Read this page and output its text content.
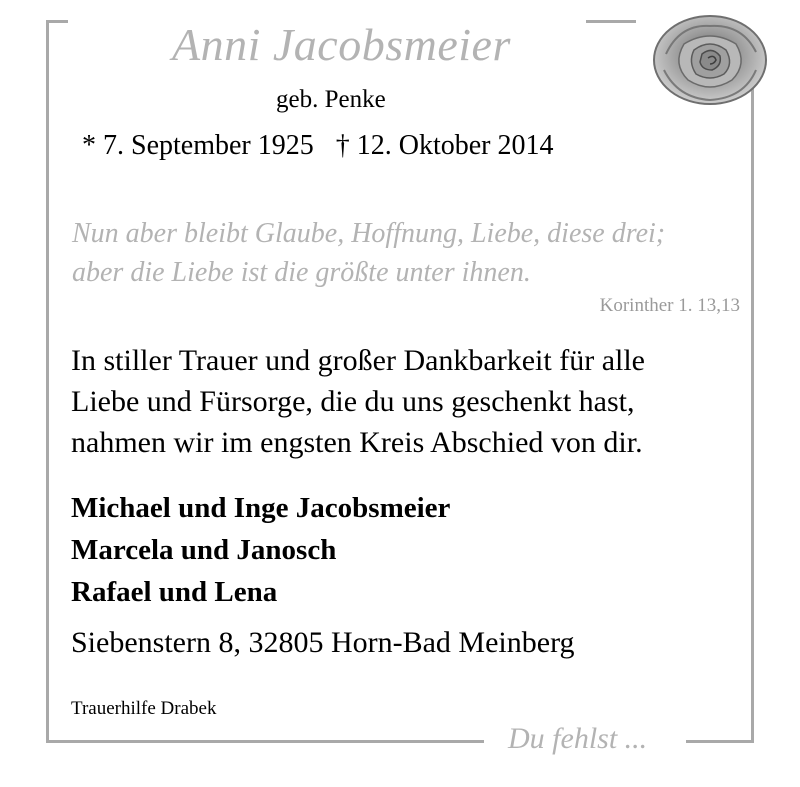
Anni Jacobsmeier
geb. Penke
* 7. September 1925 † 12. Oktober 2014
Nun aber bleibt Glaube, Hoffnung, Liebe, diese drei;
aber die Liebe ist die größte unter ihnen.
Korinther 1. 13,13
In stiller Trauer und großer Dankbarkeit für alle
Liebe und Fürsorge, die du uns geschenkt hast,
nahmen wir im engsten Kreis Abschied von dir.
Michael und Inge Jacobsmeier
Marcela und Janosch
Rafael und Lena
Siebenstern 8, 32805 Horn-Bad Meinberg
Trauerhilfe Drabek
Du fehlst ...
